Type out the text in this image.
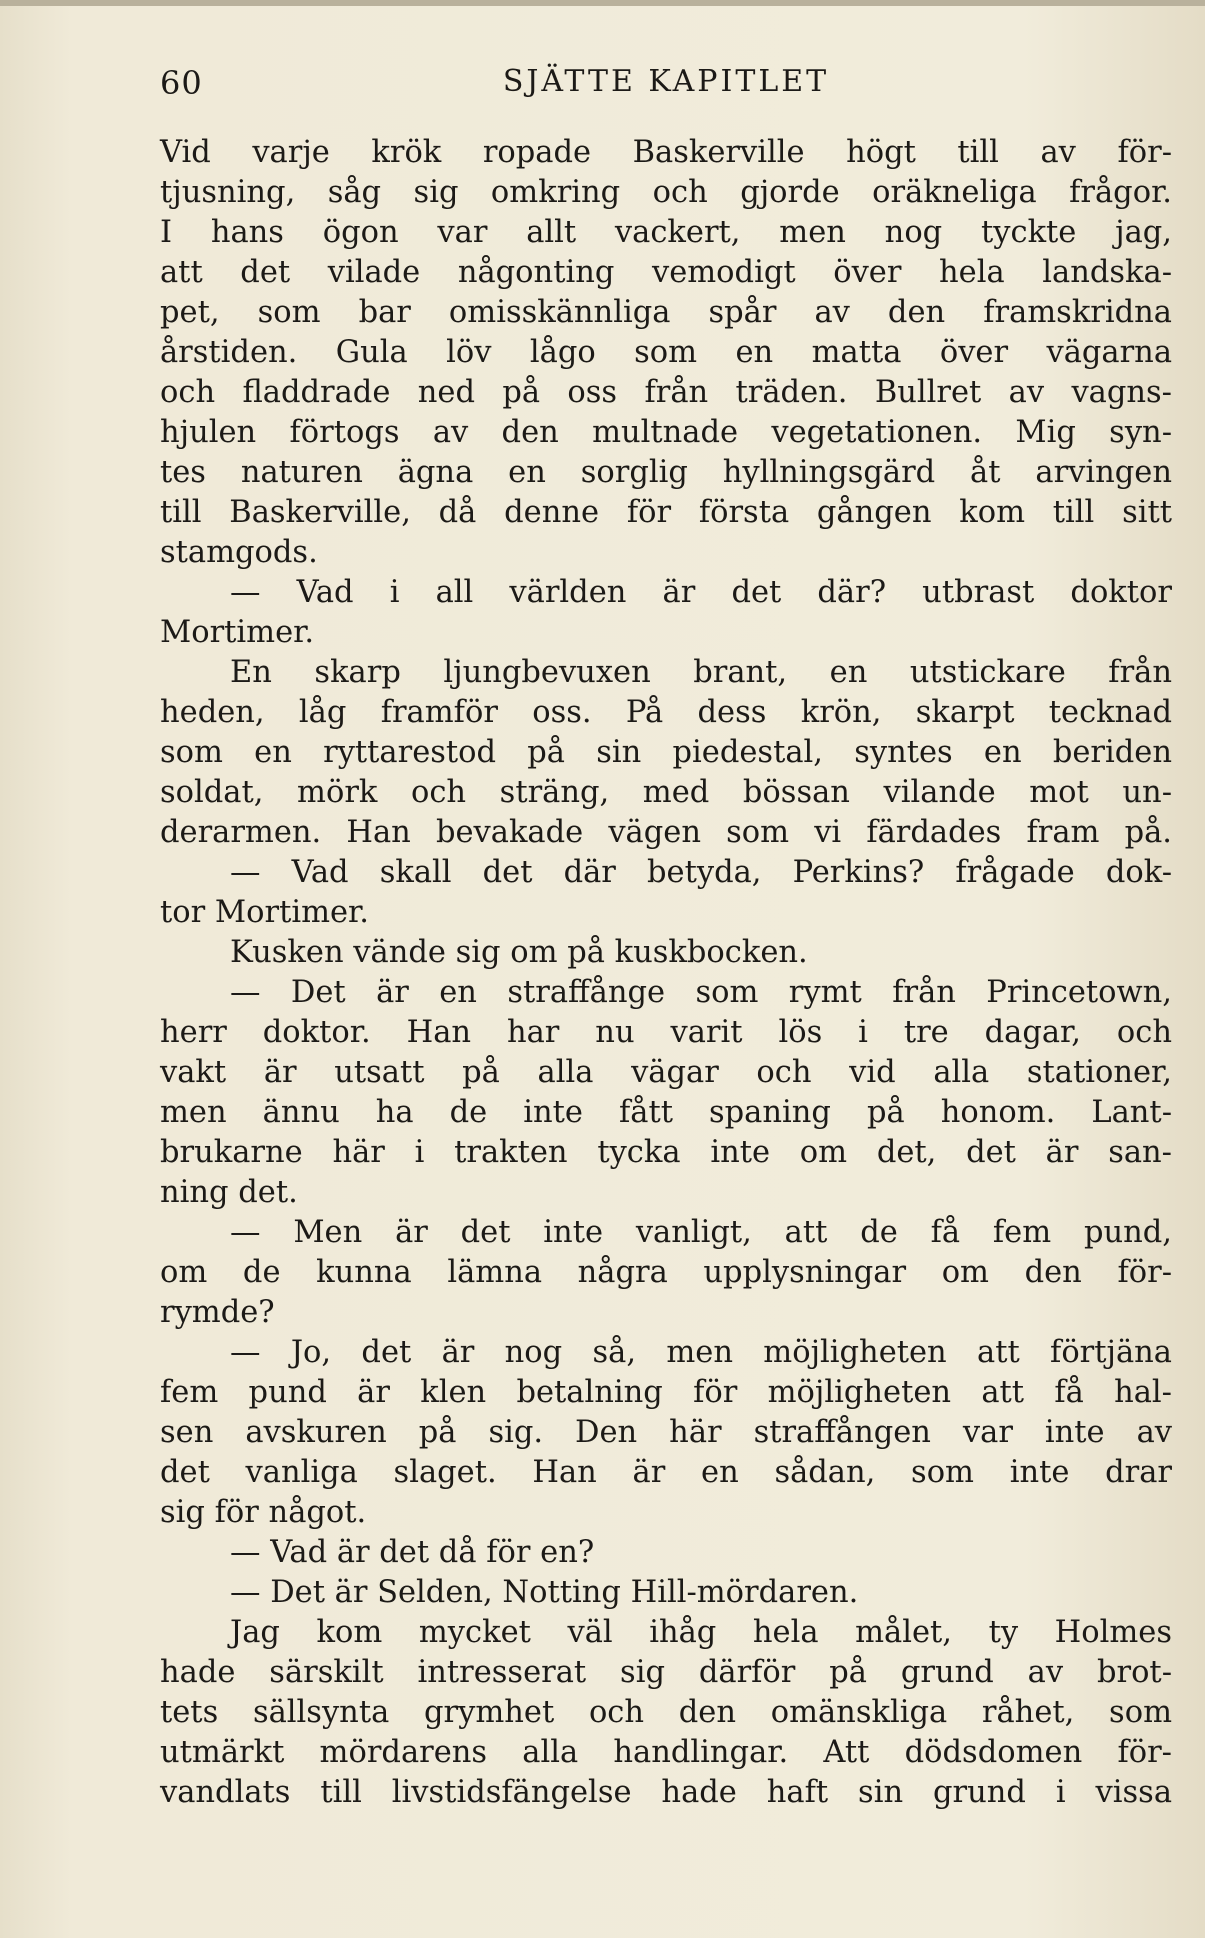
60	SJÄTTE KAPITLET
Vid varje krök ropade Baskerville högt till av för-
tjusning, såg sig omkring och gjorde oräkneliga frågor.
I hans ögon var allt vackert, men nog tyckte jag,
att det vilade någonting vemodigt över hela landska-
pet, som bar omisskännliga spår av den framskridna
årstiden. Gula löv lågo som en matta över vägarna
och fladdrade ned på oss från träden. Bullret av vagns-
hjulen förtogs av den multnade vegetationen. Mig syn-
tes naturen ägna en sorglig hyllningsgärd åt arvingen
till Baskerville, då denne för första gången kom till sitt
stamgods.
— Vad i all världen är det där? utbrast doktor
Mortimer.
En skarp ljungbevuxen brant, en utstickare från
heden, låg framför oss. På dess krön, skarpt tecknad
som en ryttarestod på sin piedestal, syntes en beriden
soldat, mörk och sträng, med bössan vilande mot un-
derarmen. Han bevakade vägen som vi färdades fram på.
— Vad skall det där betyda, Perkins? frågade dok-
tor Mortimer.
Kusken vände sig om på kuskbocken.
— Det är en straffånge som rymt från Princetown,
herr doktor. Han har nu varit lös i tre dagar, och
vakt är utsatt på alla vägar och vid alla stationer,
men ännu ha de inte fått spaning på honom. Lant-
brukarne här i trakten tycka inte om det, det är san-
ning det.
— Men är det inte vanligt, att de få fem pund,
om de kunna lämna några upplysningar om den för-
rymde?
— Jo, det är nog så, men möjligheten att förtjäna
fem pund är klen betalning för möjligheten att få hal-
sen avskuren på sig. Den här straffången var inte av
det vanliga slaget. Han är en sådan, som inte drar
sig för något.
— Vad är det då för en?
— Det är Selden, Notting Hill-mördaren.
Jag kom mycket väl ihåg hela målet, ty Holmes
hade särskilt intresserat sig därför på grund av brot-
tets sällsynta grymhet och den omänskliga råhet, som
utmärkt mördarens alla handlingar. Att dödsdomen för-
vandlats till livstidsfängelse hade haft sin grund i vissa
